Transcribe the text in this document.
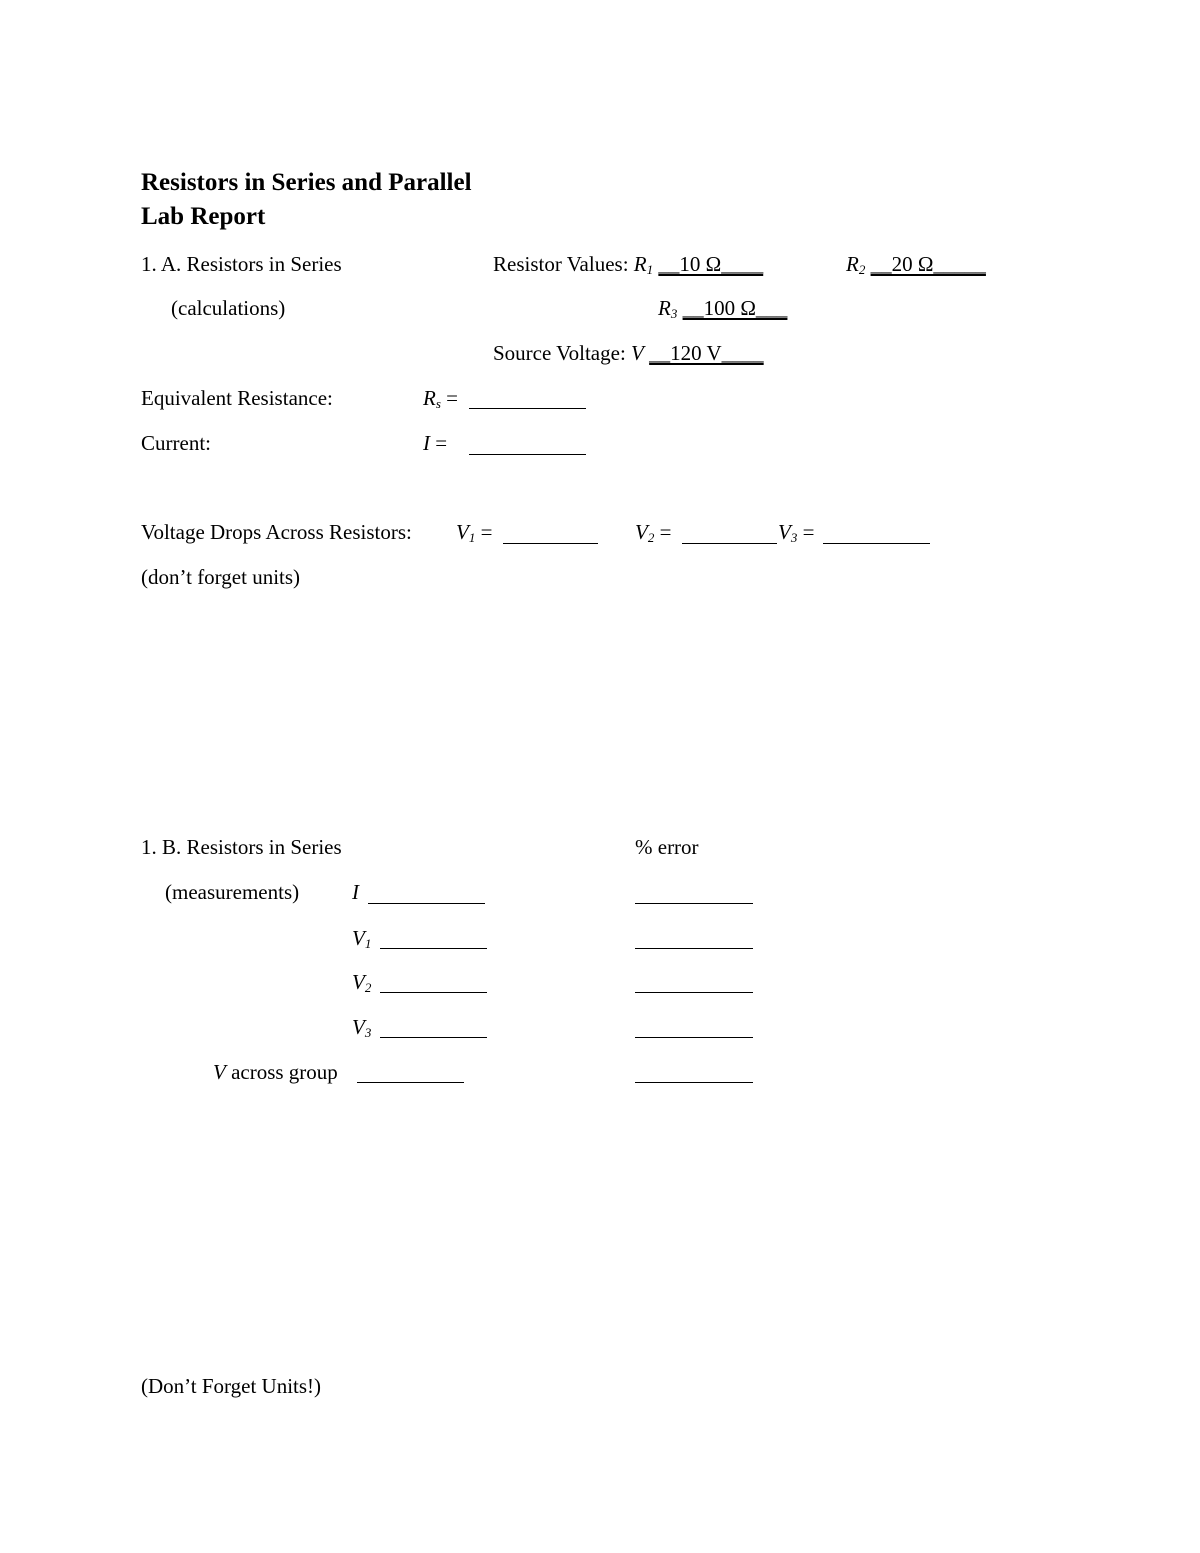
Resistors in Series and Parallel
Lab Report
1. A. Resistors in Series
(calculations)
Resistor Values: $R_1$ __10 Ω____	$R_2$ __20 Ω_____
$R_3$ __100 Ω___
Source Voltage: V __120 V____
Equivalent Resistance:	$R_s$ =
Current:	I =
Voltage Drops Across Resistors: $V_1$ =	$V_2$ =	$V_3$ =
(don’t forget units)
1. B. Resistors in Series	% error
(measurements)	I
$V_1$
$V_2$
$V_3$
V across group
(Don’t Forget Units!)
